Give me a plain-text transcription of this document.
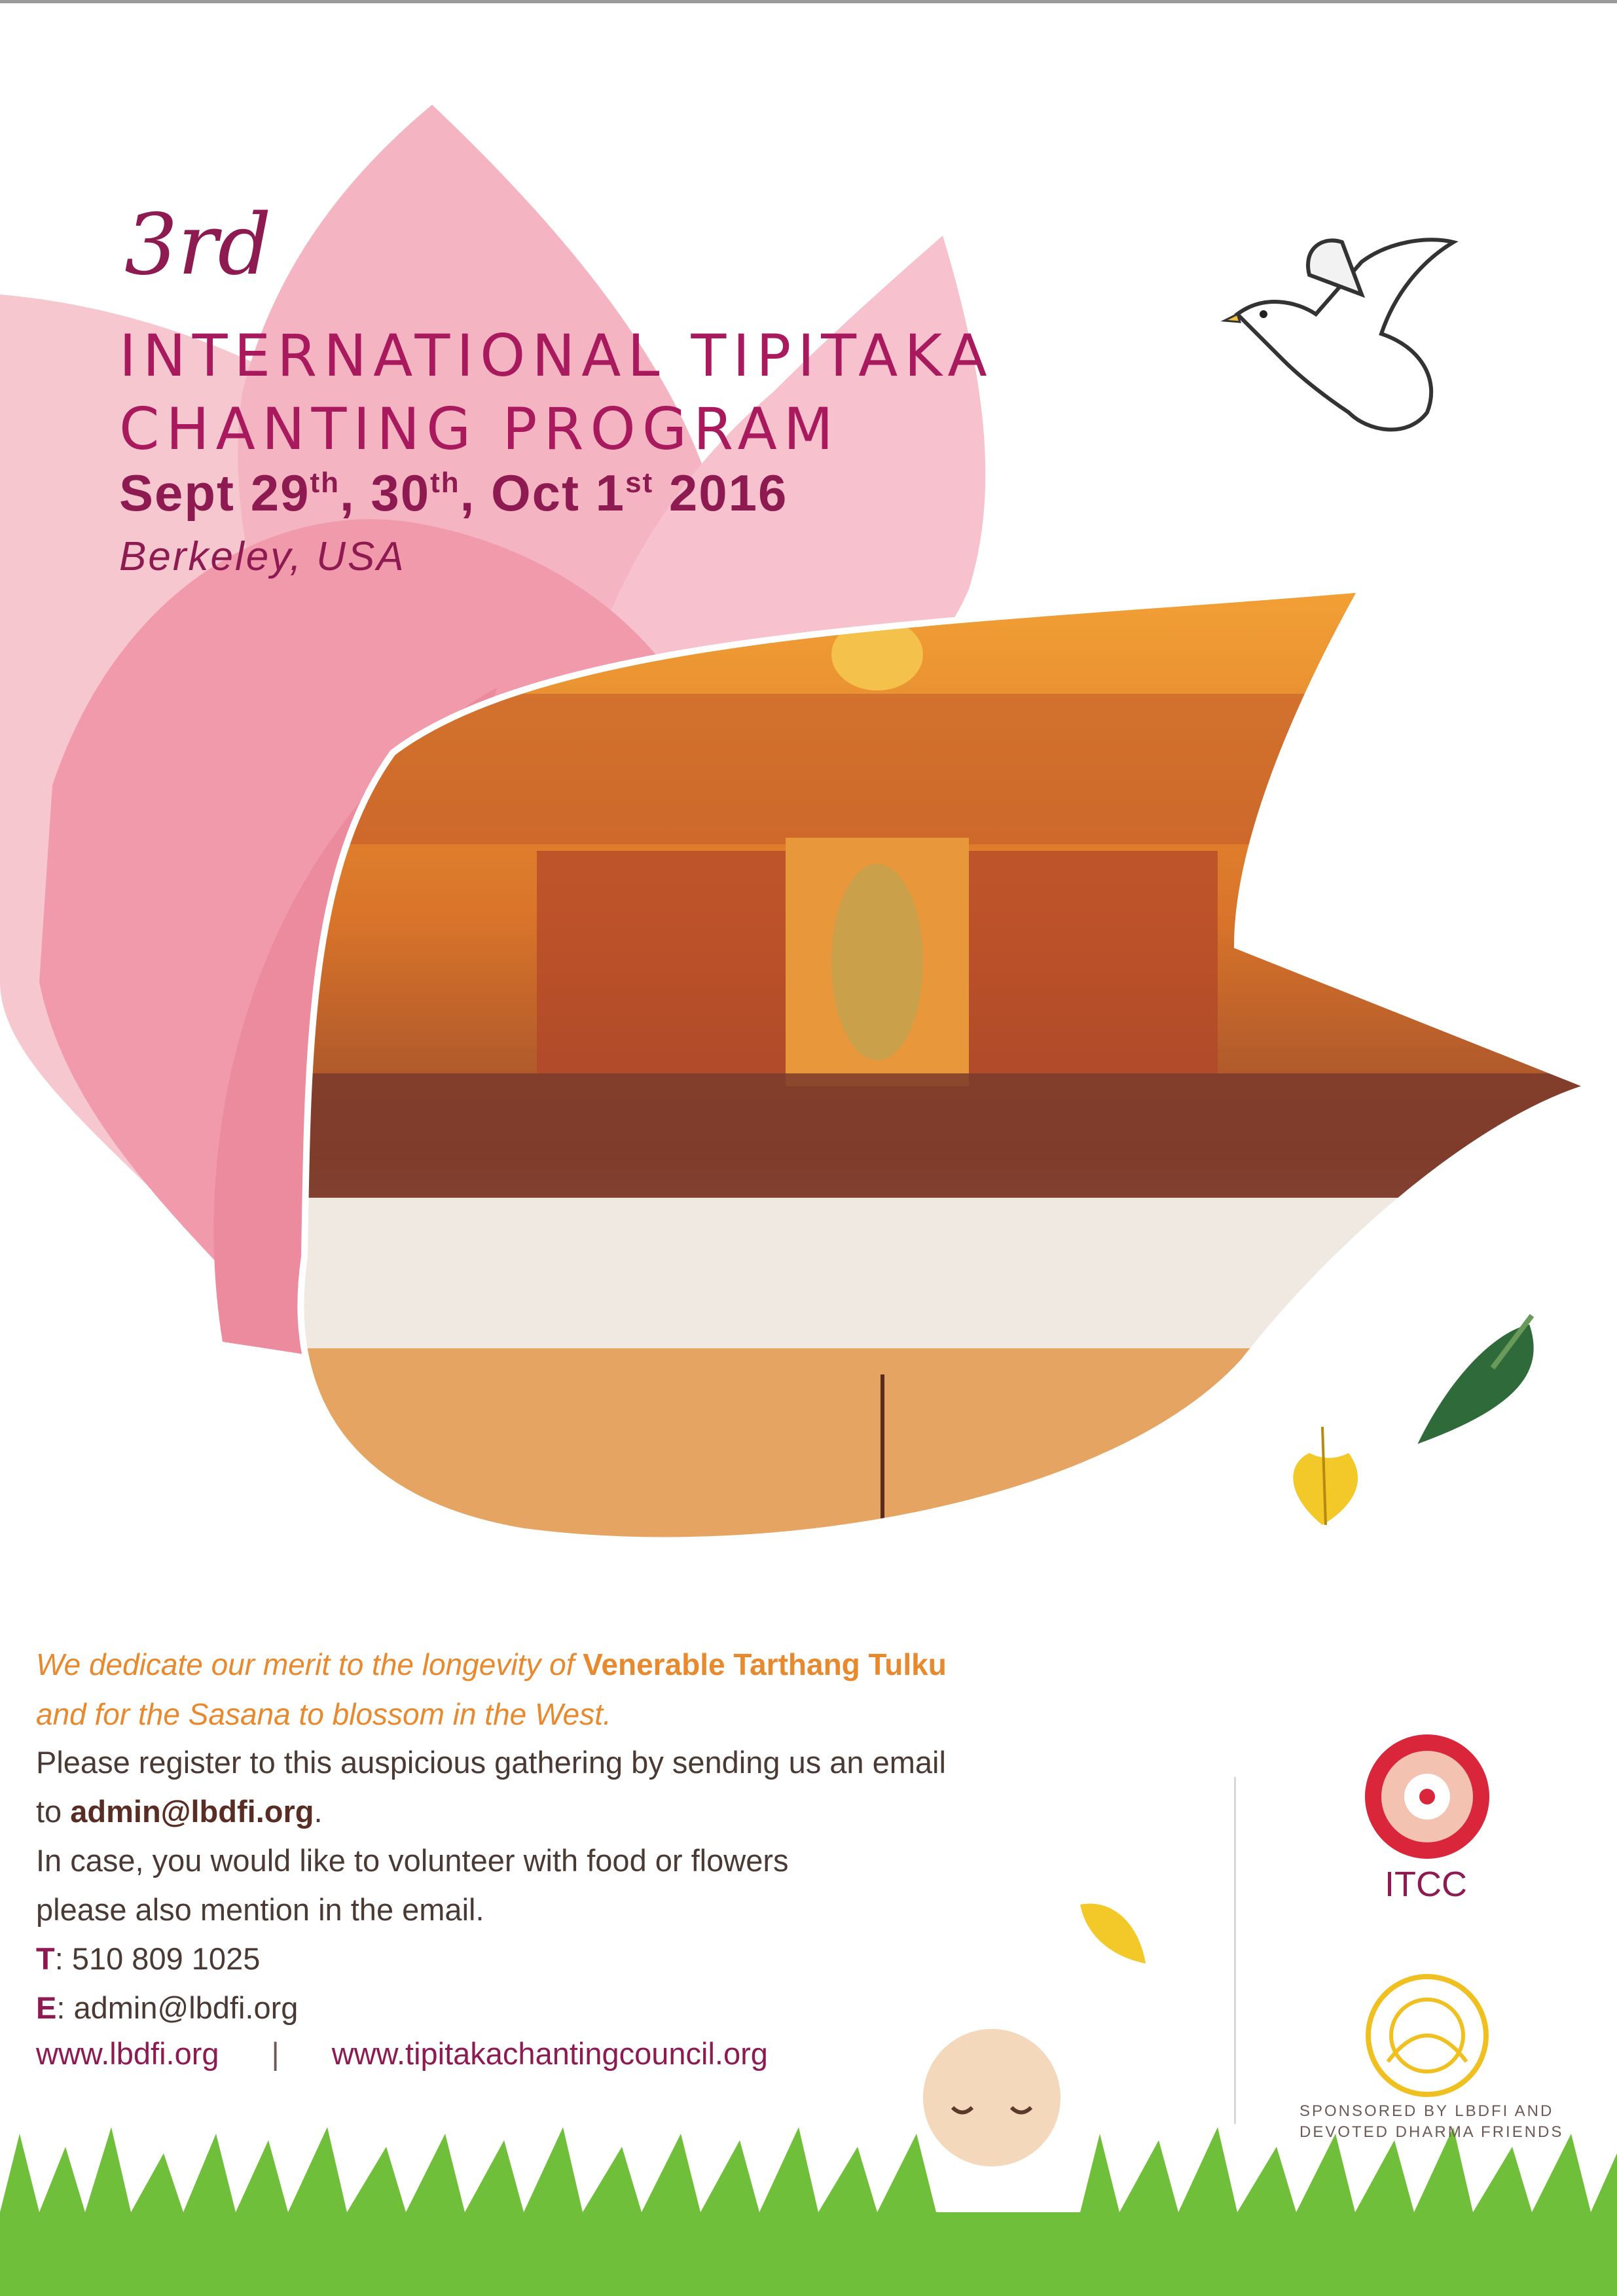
3rd
INTERNATIONAL TIPITAKA
CHANTING PROGRAM
Sept 29th, 30th, Oct 1st 2016
Berkeley, USA
We dedicate our merit to the longevity of Venerable Tarthang Tulku
and for the Sasana to blossom in the West.
Please register to this auspicious gathering by sending us an email
to admin@lbdfi.org.
In case, you would like to volunteer with food or flowers
please also mention in the email.
T: 510 809 1025
E: admin@lbdfi.org
www.lbdfi.org | www.tipitakachantingcouncil.org
ITCC
SPONSORED BY LBDFI AND
DEVOTED DHARMA FRIENDS
